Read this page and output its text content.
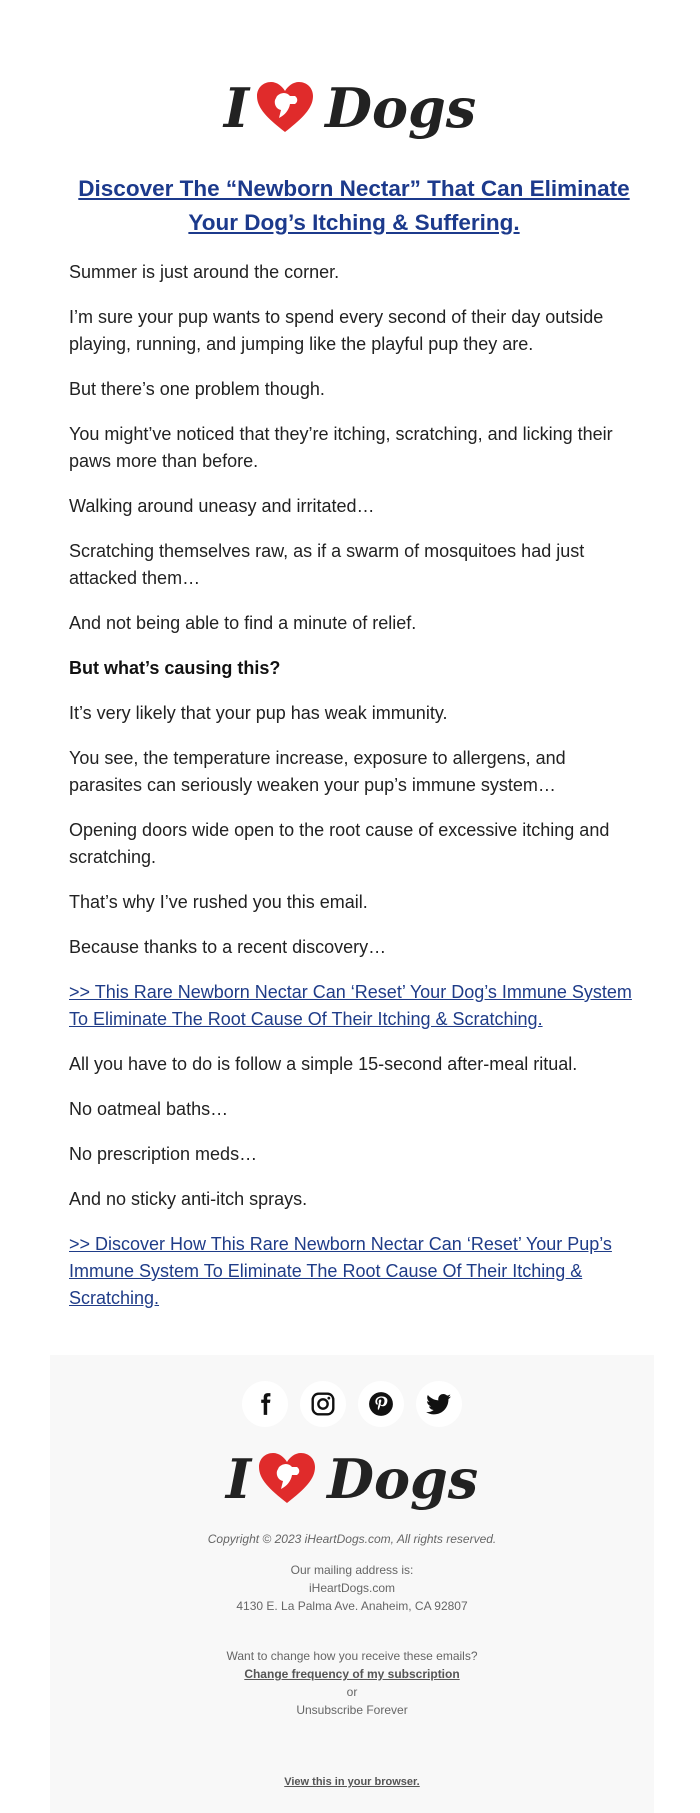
I Dogs
Discover The “Newborn Nectar” That Can Eliminate Your Dog’s Itching & Suffering.

Summer is just around the corner.

I’m sure your pup wants to spend every second of their day outside playing, running, and jumping like the playful pup they are.

But there’s one problem though.

You might’ve noticed that they’re itching, scratching, and licking their paws more than before.

Walking around uneasy and irritated…

Scratching themselves raw, as if a swarm of mosquitoes had just attacked them…

And not being able to find a minute of relief.

But what’s causing this?

It’s very likely that your pup has weak immunity.

You see, the temperature increase, exposure to allergens, and parasites can seriously weaken your pup’s immune system…

Opening doors wide open to the root cause of excessive itching and scratching.

That’s why I’ve rushed you this email.

Because thanks to a recent discovery…

>> This Rare Newborn Nectar Can ‘Reset’ Your Dog’s Immune System To Eliminate The Root Cause Of Their Itching & Scratching.

All you have to do is follow a simple 15-second after-meal ritual.

No oatmeal baths…

No prescription meds…

And no sticky anti-itch sprays.

>> Discover How This Rare Newborn Nectar Can ‘Reset’ Your Pup’s Immune System To Eliminate The Root Cause Of Their Itching & Scratching.

I Dogs
Copyright © 2023 iHeartDogs.com, All rights reserved.
Our mailing address is:
iHeartDogs.com
4130 E. La Palma Ave. Anaheim, CA 92807
Want to change how you receive these emails?
Change frequency of my subscription
or
Unsubscribe Forever
View this in your browser.
